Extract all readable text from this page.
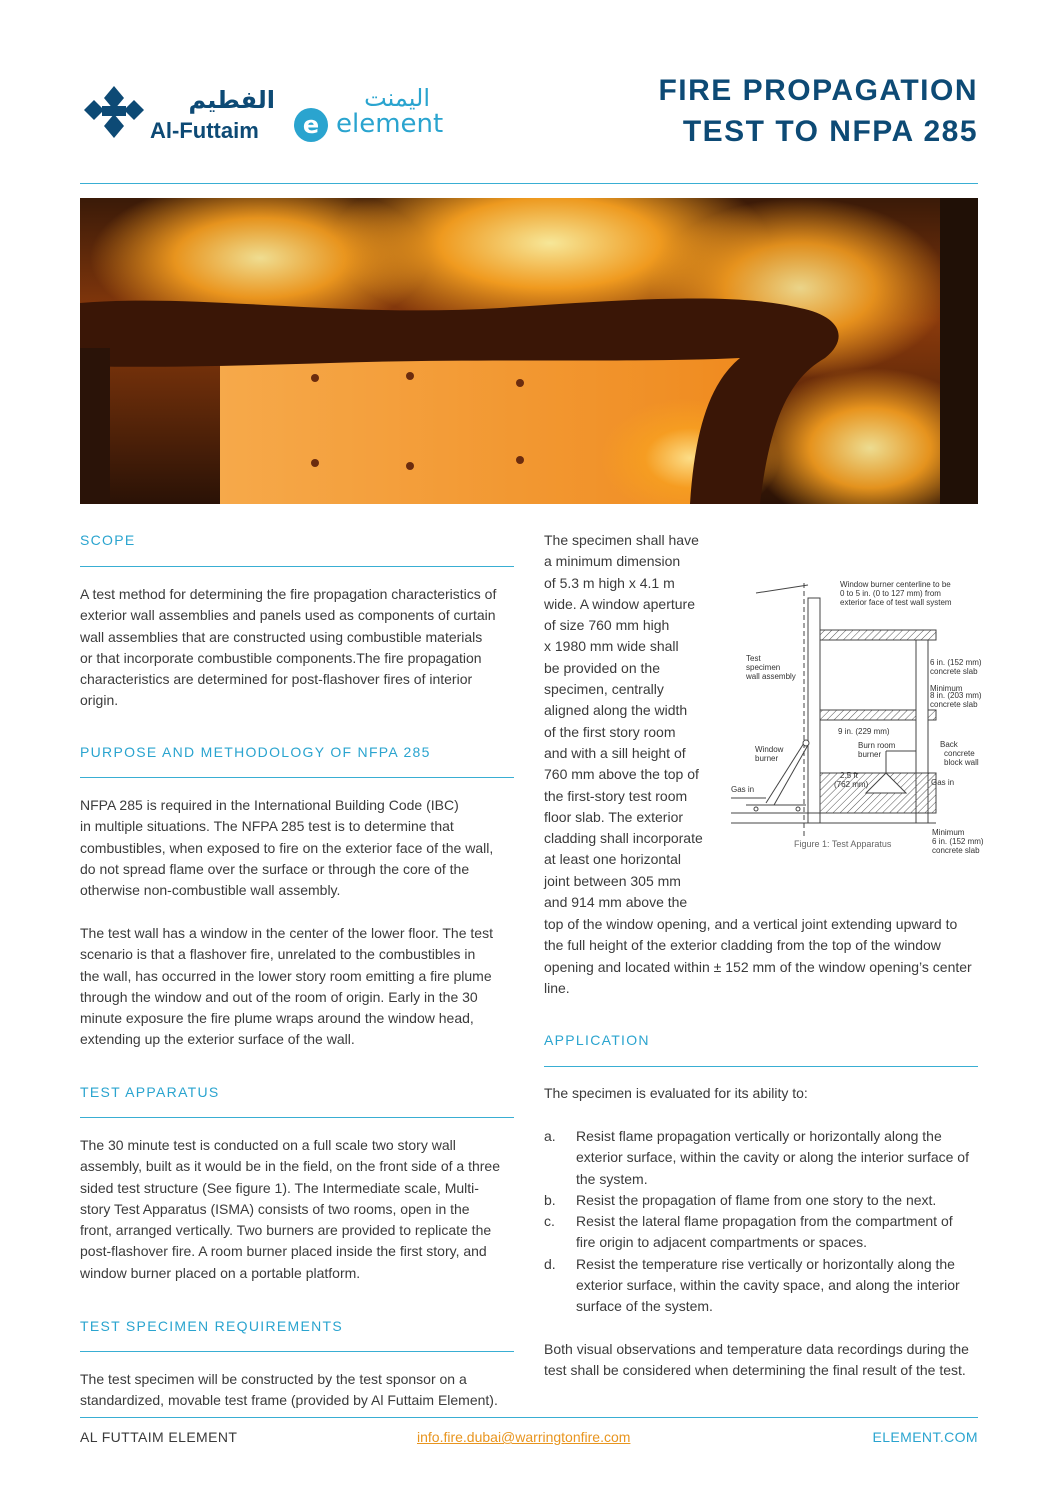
الفطيم
Al-Futtaim
اليمنت
e element
FIRE PROPAGATION
TEST TO NFPA 285
SCOPE
A test method for determining the fire propagation characteristics of
exterior wall assemblies and panels used as components of curtain
wall assemblies that are constructed using combustible materials
or that incorporate combustible components.The fire propagation
characteristics are determined for post-flashover fires of interior
origin.
PURPOSE AND METHODOLOGY OF NFPA 285
NFPA 285 is required in the International Building Code (IBC)
in multiple situations. The NFPA 285 test is to determine that
combustibles, when exposed to fire on the exterior face of the wall,
do not spread flame over the surface or through the core of the
otherwise non-combustible wall assembly.
The test wall has a window in the center of the lower floor. The test
scenario is that a flashover fire, unrelated to the combustibles in
the wall, has occurred in the lower story room emitting a fire plume
through the window and out of the room of origin. Early in the 30
minute exposure the fire plume wraps around the window head,
extending up the exterior surface of the wall.
TEST APPARATUS
The 30 minute test is conducted on a full scale two story wall
assembly, built as it would be in the field, on the front side of a three
sided test structure (See figure 1). The Intermediate scale, Multi-
story Test Apparatus (ISMA) consists of two rooms, open in the
front, arranged vertically. Two burners are provided to replicate the
post-flashover fire. A room burner placed inside the first story, and
window burner placed on a portable platform.
TEST SPECIMEN REQUIREMENTS
The test specimen will be constructed by the test sponsor on a
standardized, movable test frame (provided by Al Futtaim Element).
The specimen shall have
a minimum dimension
of 5.3 m high x 4.1 m
wide. A window aperture
of size 760 mm high
x 1980 mm wide shall
be provided on the
specimen, centrally
aligned along the width
of the first story room
and with a sill height of
760 mm above the top of
the first-story test room
floor slab. The exterior
cladding shall incorporate
at least one horizontal
joint between 305 mm
and 914 mm above the
top of the window opening, and a vertical joint extending upward to
the full height of the exterior cladding from the top of the window
opening and located within ± 152 mm of the window opening’s center
line.
Window burner centerline to be
0 to 5 in. (0 to 127 mm) from
exterior face of test wall system
Test
specimen
wall assembly
Minimum
6 in. (152 mm)
concrete slab
8 in. (203 mm)
concrete slab
9 in. (229 mm)
Burn room
burner
Window
burner
Back
concrete
block wall
2.5 ft
(762 mm)
Gas in
Gas in
Minimum
6 in. (152 mm)
concrete slab
Figure 1: Test Apparatus
APPLICATION
The specimen is evaluated for its ability to:
a. Resist flame propagation vertically or horizontally along the
exterior surface, within the cavity or along the interior surface of
the system.
b. Resist the propagation of flame from one story to the next.
c. Resist the lateral flame propagation from the compartment of
fire origin to adjacent compartments or spaces.
d. Resist the temperature rise vertically or horizontally along the
exterior surface, within the cavity space, and along the interior
surface of the system.
Both visual observations and temperature data recordings during the
test shall be considered when determining the final result of the test.
AL FUTTAIM ELEMENT	info.fire.dubai@warringtonfire.com	ELEMENT.COM
